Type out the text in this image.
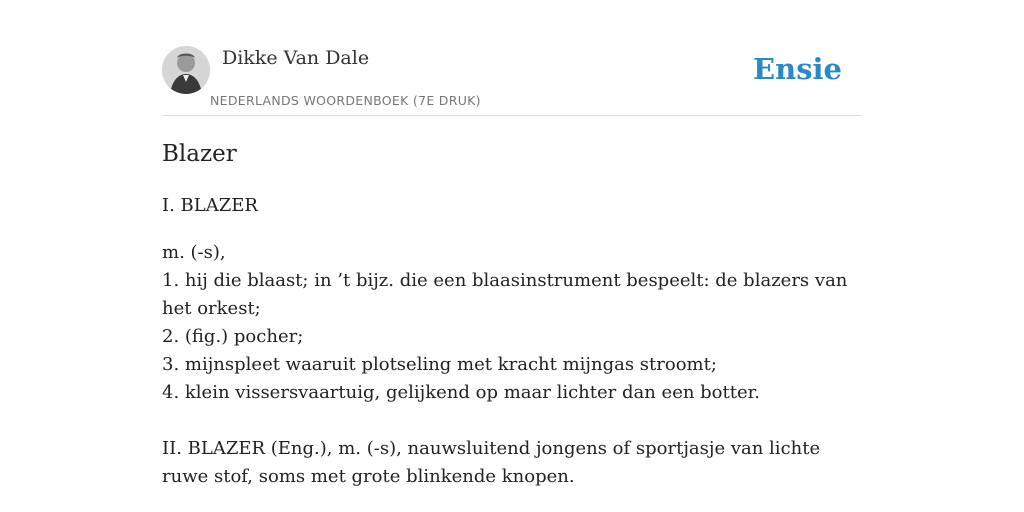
Dikke Van Dale
NEDERLANDS WOORDENBOEK (7E DRUK)
Ensie
Blazer
I. BLAZER
m. (-s),
1. hij die blaast; in ’t bijz. die een blaasinstrument bespeelt: de blazers van het orkest;
2. (fig.) pocher;
3. mijnspleet waaruit plotseling met kracht mijngas stroomt;
4. klein vissersvaartuig, gelijkend op maar lichter dan een botter.
II. BLAZER (Eng.), m. (-s), nauwsluitend jongens of sportjasje van lichte ruwe stof, soms met grote blinkende knopen.
